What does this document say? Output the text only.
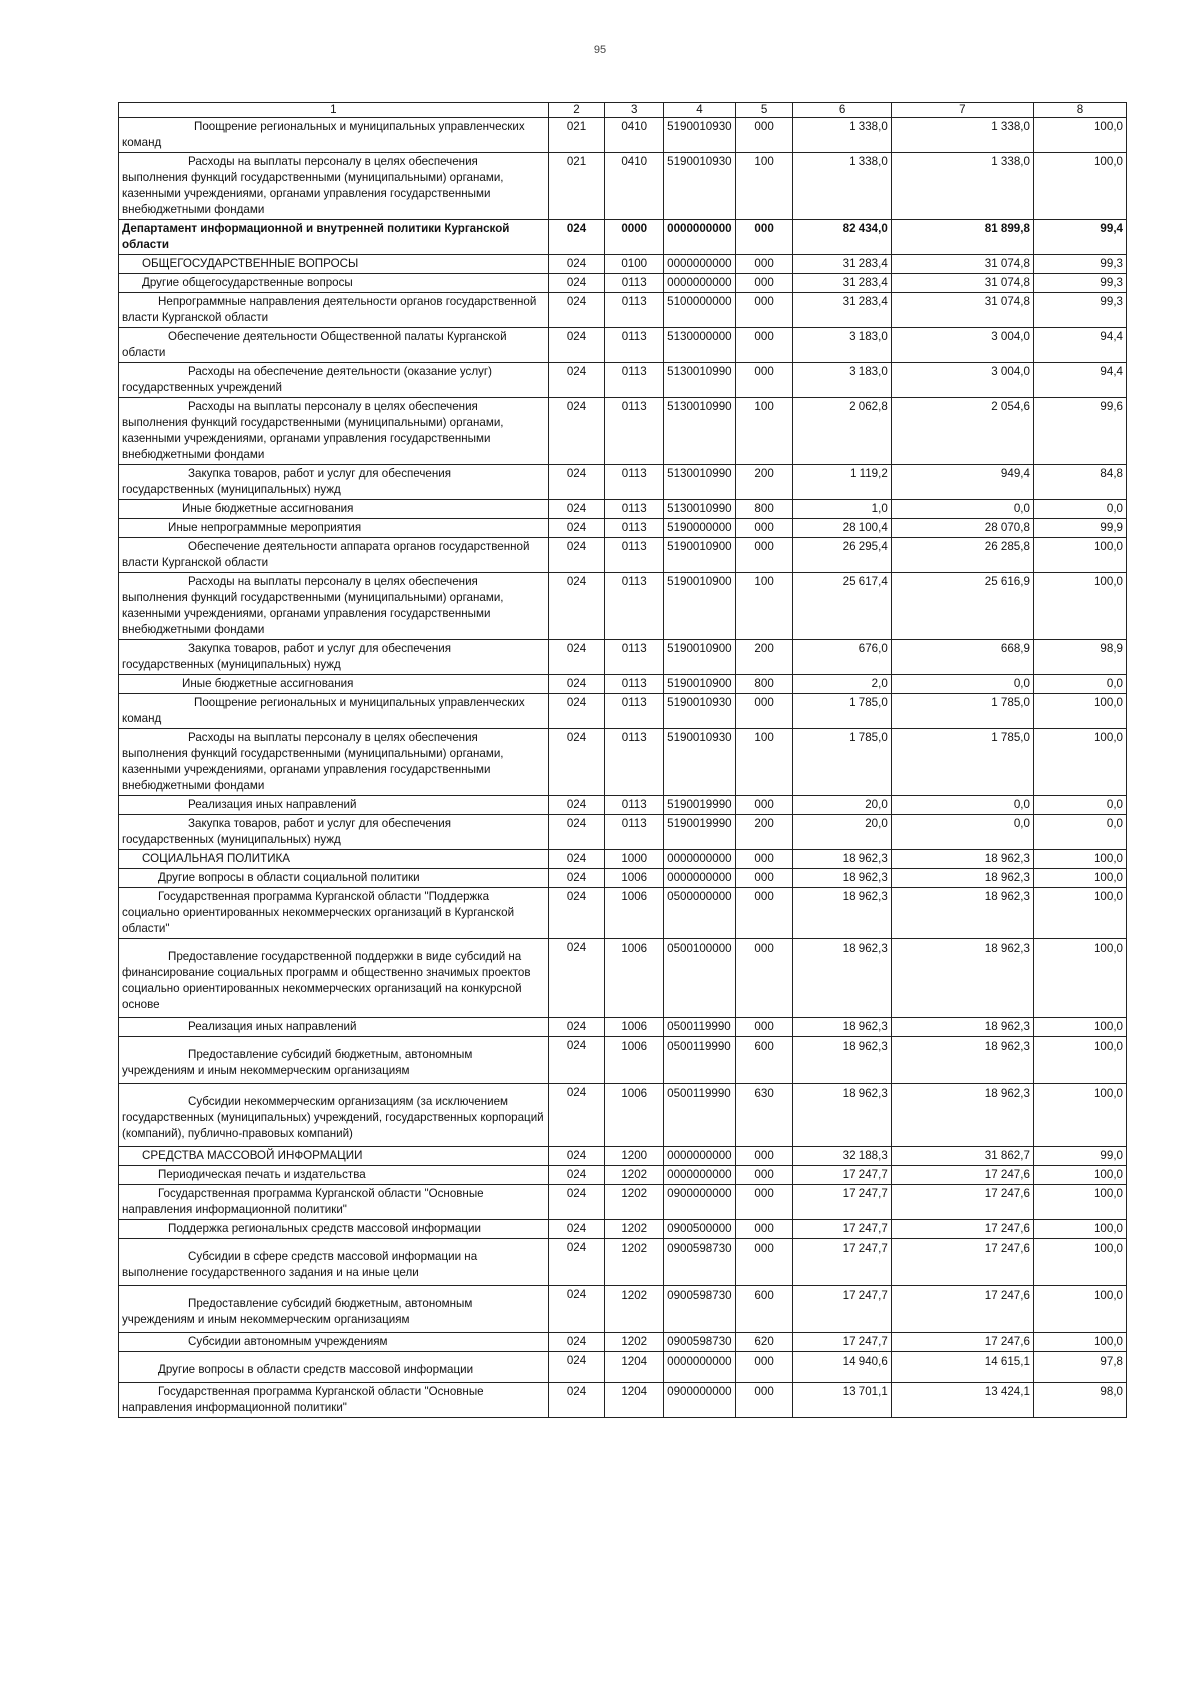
95
1	2	3	4	5	6	7	8
Поощрение региональных и муниципальных управленческих команд	021	0410	5190010930	000	1 338,0	1 338,0	100,0
Расходы на выплаты персоналу в целях обеспечения выполнения функций государственными (муниципальными) органами, казенными учреждениями, органами управления государственными внебюджетными фондами	021	0410	5190010930	100	1 338,0	1 338,0	100,0
Департамент информационной и внутренней политики Курганской области	024	0000	0000000000	000	82 434,0	81 899,8	99,4
ОБЩЕГОСУДАРСТВЕННЫЕ ВОПРОСЫ	024	0100	0000000000	000	31 283,4	31 074,8	99,3
Другие общегосударственные вопросы	024	0113	0000000000	000	31 283,4	31 074,8	99,3
Непрограммные направления деятельности органов государственной власти Курганской области	024	0113	5100000000	000	31 283,4	31 074,8	99,3
Обеспечение деятельности Общественной палаты Курганской области	024	0113	5130000000	000	3 183,0	3 004,0	94,4
Расходы на обеспечение деятельности (оказание услуг) государственных учреждений	024	0113	5130010990	000	3 183,0	3 004,0	94,4
Расходы на выплаты персоналу в целях обеспечения выполнения функций государственными (муниципальными) органами, казенными учреждениями, органами управления государственными внебюджетными фондами	024	0113	5130010990	100	2 062,8	2 054,6	99,6
Закупка товаров, работ и услуг для обеспечения государственных (муниципальных) нужд	024	0113	5130010990	200	1 119,2	949,4	84,8
Иные бюджетные ассигнования	024	0113	5130010990	800	1,0	0,0	0,0
Иные непрограммные мероприятия	024	0113	5190000000	000	28 100,4	28 070,8	99,9
Обеспечение деятельности аппарата органов государственной власти Курганской области	024	0113	5190010900	000	26 295,4	26 285,8	100,0
Расходы на выплаты персоналу в целях обеспечения выполнения функций государственными (муниципальными) органами, казенными учреждениями, органами управления государственными внебюджетными фондами	024	0113	5190010900	100	25 617,4	25 616,9	100,0
Закупка товаров, работ и услуг для обеспечения государственных (муниципальных) нужд	024	0113	5190010900	200	676,0	668,9	98,9
Иные бюджетные ассигнования	024	0113	5190010900	800	2,0	0,0	0,0
Поощрение региональных и муниципальных управленческих команд	024	0113	5190010930	000	1 785,0	1 785,0	100,0
Расходы на выплаты персоналу в целях обеспечения выполнения функций государственными (муниципальными) органами, казенными учреждениями, органами управления государственными внебюджетными фондами	024	0113	5190010930	100	1 785,0	1 785,0	100,0
Реализация иных направлений	024	0113	5190019990	000	20,0	0,0	0,0
Закупка товаров, работ и услуг для обеспечения государственных (муниципальных) нужд	024	0113	5190019990	200	20,0	0,0	0,0
СОЦИАЛЬНАЯ ПОЛИТИКА	024	1000	0000000000	000	18 962,3	18 962,3	100,0
Другие вопросы в области социальной политики	024	1006	0000000000	000	18 962,3	18 962,3	100,0
Государственная программа Курганской области "Поддержка социально ориентированных некоммерческих организаций в Курганской области"	024	1006	0500000000	000	18 962,3	18 962,3	100,0
Предоставление государственной поддержки в виде субсидий на финансирование социальных программ и общественно значимых проектов социально ориентированных некоммерческих организаций на конкурсной основе	024	1006	0500100000	000	18 962,3	18 962,3	100,0
Реализация иных направлений	024	1006	0500119990	000	18 962,3	18 962,3	100,0
Предоставление субсидий бюджетным, автономным учреждениям и иным некоммерческим организациям	024	1006	0500119990	600	18 962,3	18 962,3	100,0
Субсидии некоммерческим организациям (за исключением государственных (муниципальных) учреждений, государственных корпораций (компаний), публично-правовых компаний)	024	1006	0500119990	630	18 962,3	18 962,3	100,0
СРЕДСТВА МАССОВОЙ ИНФОРМАЦИИ	024	1200	0000000000	000	32 188,3	31 862,7	99,0
Периодическая печать и издательства	024	1202	0000000000	000	17 247,7	17 247,6	100,0
Государственная программа Курганской области "Основные направления информационной политики"	024	1202	0900000000	000	17 247,7	17 247,6	100,0
Поддержка региональных средств массовой информации	024	1202	0900500000	000	17 247,7	17 247,6	100,0
Субсидии в сфере средств массовой информации на выполнение государственного задания и на иные цели	024	1202	0900598730	000	17 247,7	17 247,6	100,0
Предоставление субсидий бюджетным, автономным учреждениям и иным некоммерческим организациям	024	1202	0900598730	600	17 247,7	17 247,6	100,0
Субсидии автономным учреждениям	024	1202	0900598730	620	17 247,7	17 247,6	100,0
Другие вопросы в области средств массовой информации	024	1204	0000000000	000	14 940,6	14 615,1	97,8
Государственная программа Курганской области "Основные направления информационной политики"	024	1204	0900000000	000	13 701,1	13 424,1	98,0
